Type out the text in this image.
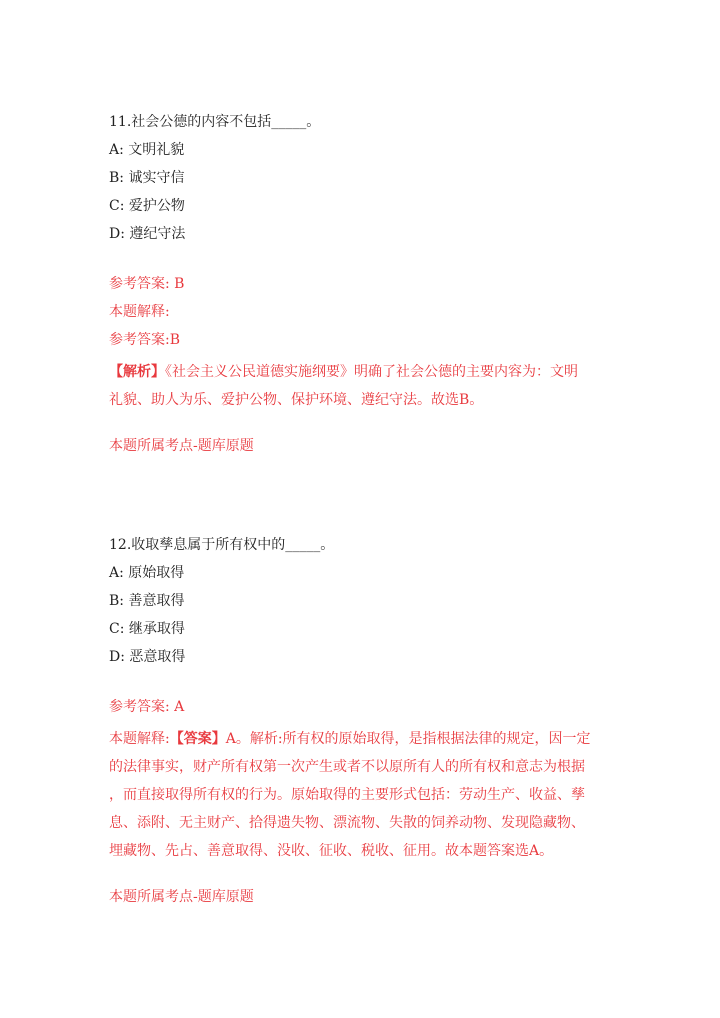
11.社会公德的内容不包括_____。
A: 文明礼貌
B: 诚实守信
C: 爱护公物
D: 遵纪守法
参考答案: B
本题解释:
参考答案:B
【解析】《社会主义公民道德实施纲要》明确了社会公德的主要内容为：文明
礼貌、助人为乐、爱护公物、保护环境、遵纪守法。故选B。
本题所属考点-题库原题
12.收取孳息属于所有权中的_____。
A: 原始取得
B: 善意取得
C: 继承取得
D: 恶意取得
参考答案: A
本题解释:【答案】A。解析:所有权的原始取得，是指根据法律的规定，因一定
的法律事实，财产所有权第一次产生或者不以原所有人的所有权和意志为根据
，而直接取得所有权的行为。原始取得的主要形式包括：劳动生产、收益、孳
息、添附、无主财产、拾得遗失物、漂流物、失散的饲养动物、发现隐藏物、
埋藏物、先占、善意取得、没收、征收、税收、征用。故本题答案选A。
本题所属考点-题库原题
